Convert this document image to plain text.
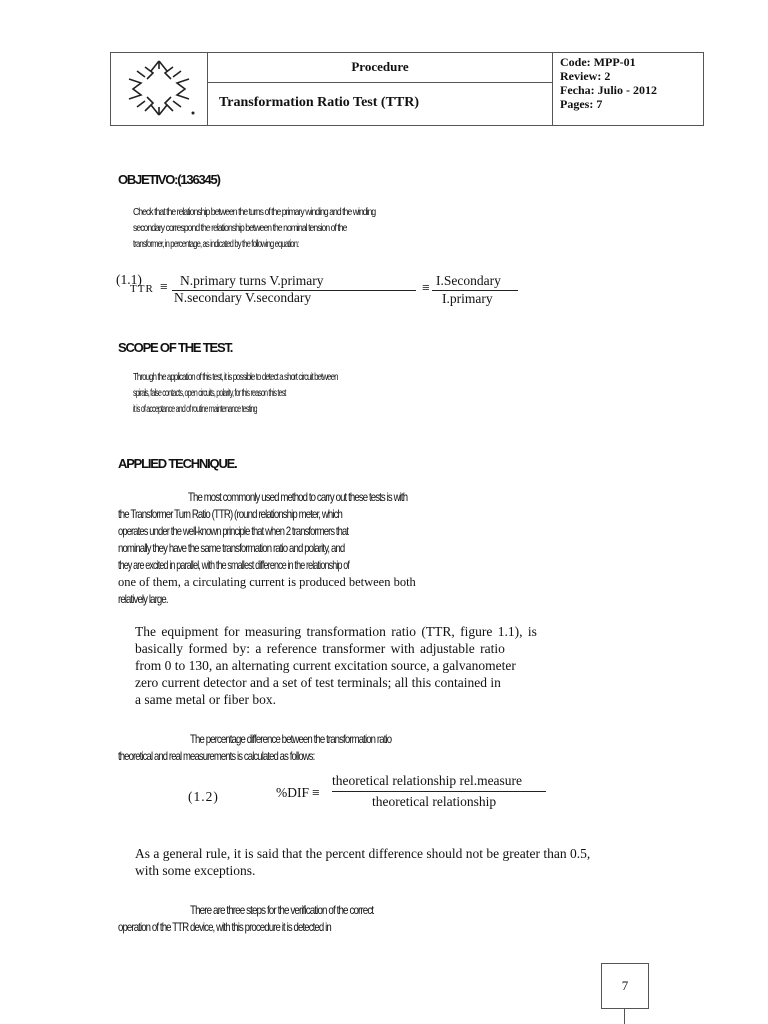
Procedure
Transformation Ratio Test (TTR)
Code: MPP-01
Review: 2
Fecha: Julio - 2012
Pages: 7
OBJETIVO:(136345)
Check that the relationship between the turns of the primary winding and the winding
secondary correspond the relationship between the nominal tension of the
transformer, in percentage, as indicated by the following equation:
(1.1)
TTR ≡ N.primary turns V.primary
N.secondary V.secondary
≡ I.Secondary
I.primary
SCOPE OF THE TEST.
Through the application of this test, it is possible to detect a short circuit between
spirals, false contacts, open circuits, polarity, for this reason this test
it is of acceptance and of routine maintenance testing
APPLIED TECHNIQUE.
The most commonly used method to carry out these tests is with
the Transformer Turn Ratio (TTR) (round relationship meter, which
operates under the well-known principle that when 2 transformers that
nominally they have the same transformation ratio and polarity, and
they are excited in parallel, with the smallest difference in the relationship of
one of them, a circulating current is produced between both
relatively large.
The equipment for measuring transformation ratio (TTR, figure 1.1), is
basically formed by: a reference transformer with adjustable ratio
from 0 to 130, an alternating current excitation source, a galvanometer
zero current detector and a set of test terminals; all this contained in
a same metal or fiber box.
The percentage difference between the transformation ratio
theoretical and real measurements is calculated as follows:
(1.2)	%DIF ≡
theoretical relationship rel.measure
theoretical relationship
As a general rule, it is said that the percent difference should not be greater than 0.5,
with some exceptions.
There are three steps for the verification of the correct
operation of the TTR device, with this procedure it is detected in
7
